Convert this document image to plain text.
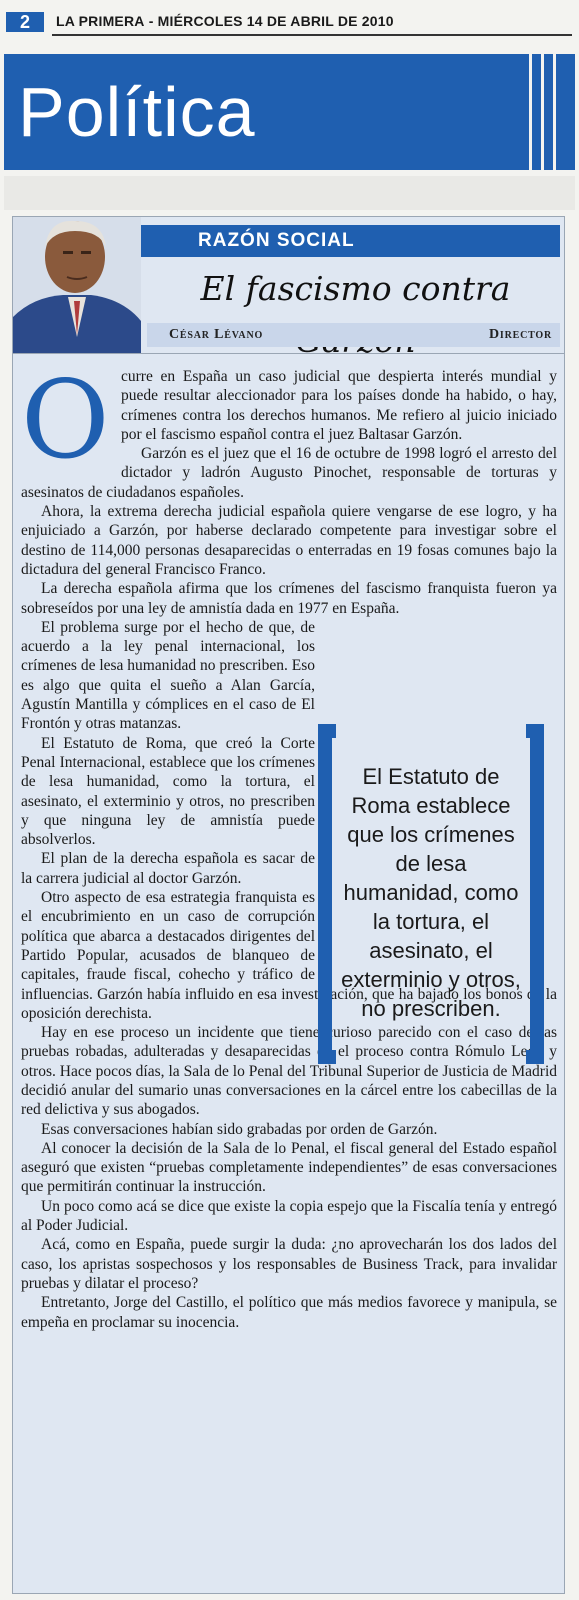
2	LA PRIMERA - MIÉRCOLES 14 DE ABRIL DE 2010
Política
RAZÓN SOCIAL
El fascismo contra
César Lévano	Director

Ocurre en España un caso judicial que despierta interés mundial y puede resultar aleccionador para los países donde ha habido, o hay, crímenes contra los derechos humanos. Me refiero al juicio iniciado por el fascismo español contra el juez Baltasar Garzón.

Garzón es el juez que el 16 de octubre de 1998 logró el arresto del dictador y ladrón Augusto Pinochet, responsable de torturas y asesinatos de ciudadanos españoles.

Ahora, la extrema derecha judicial española quiere vengarse de ese logro, y ha enjuiciado a Garzón, por haberse declarado competente para investigar sobre el destino de 114,000 personas desaparecidas o enterradas en 19 fosas comunes bajo la dictadura del general Francisco Franco.

La derecha española afirma que los crímenes del fascismo franquista fueron ya sobreseídos por una ley de amnistía dada en 1977 en España.

El problema surge por el hecho de que, de acuerdo a la ley penal internacional, los crímenes de lesa humanidad no prescriben. Eso es algo que quita el sueño a Alan García, Agustín Mantilla y cómplices en el caso de El Frontón y otras matanzas.

El Estatuto de Roma, que creó la Corte Penal Internacional, establece que los crímenes de lesa humanidad, como la tortura, el asesinato, el exterminio y otros, no prescriben y que ninguna ley de amnistía puede absolverlos.

El plan de la derecha española es sacar de la carrera judicial al doctor Garzón.

Otro aspecto de esa estrategia franquista es el encubrimiento en un caso de corrupción política que abarca a destacados dirigentes del Partido Popular, acusados de blanqueo de capitales, fraude fiscal, cohecho y tráfico de influencias. Garzón había influido en esa investigación, que ha bajado los bonos de la oposición derechista.

Hay en ese proceso un incidente que tiene curioso parecido con el caso de las pruebas robadas, adulteradas y desaparecidas en el proceso contra Rómulo León y otros. Hace pocos días, la Sala de lo Penal del Tribunal Superior de Justicia de Madrid decidió anular del sumario unas conversaciones en la cárcel entre los cabecillas de la red delictiva y sus abogados.

Esas conversaciones habían sido grabadas por orden de Garzón.

Al conocer la decisión de la Sala de lo Penal, el fiscal general del Estado español aseguró que existen “pruebas completamente independientes” de esas conversaciones que permitirán continuar la instrucción.

Un poco como acá se dice que existe la copia espejo que la Fiscalía tenía y entregó al Poder Judicial.

Acá, como en España, puede surgir la duda: ¿no aprovecharán los dos lados del caso, los apristas sospechosos y los responsables de Business Track, para invalidar pruebas y dilatar el proceso?

Entretanto, Jorge del Castillo, el político que más medios favorece y manipula, se empeña en proclamar su inocencia.

El Estatuto de Roma establece que los crímenes de lesa humanidad, como la tortura, el asesinato, el exterminio y otros, no prescriben.
